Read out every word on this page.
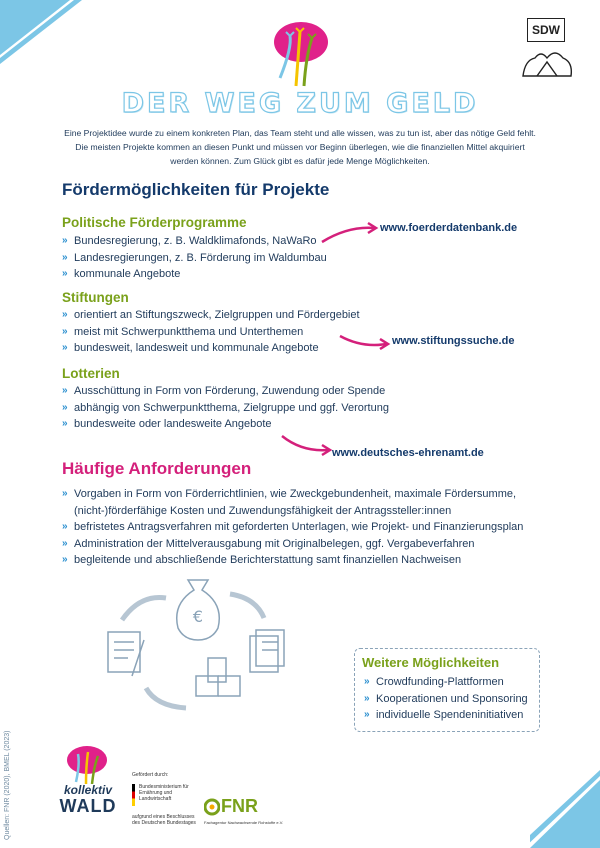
SDW
DER WEG ZUM GELD
Eine Projektidee wurde zu einem konkreten Plan, das Team steht und alle wissen, was zu tun ist, aber das nötige Geld fehlt. Die meisten Projekte kommen an diesen Punkt und müssen vor Beginn überlegen, wie die finanziellen Mittel akquiriert werden können. Zum Glück gibt es dafür jede Menge Möglichkeiten.
Fördermöglichkeiten für Projekte
Politische Förderprogramme
» Bundesregierung, z. B. Waldklimafonds, NaWaRo
» Landesregierungen, z. B. Förderung im Waldumbau
» kommunale Angebote
www.foerderdatenbank.de
Stiftungen
» orientiert an Stiftungszweck, Zielgruppen und Fördergebiet
» meist mit Schwerpunktthema und Unterthemen
» bundesweit, landesweit und kommunale Angebote
www.stiftungssuche.de
Lotterien
» Ausschüttung in Form von Förderung, Zuwendung oder Spende
» abhängig von Schwerpunktthema, Zielgruppe und ggf. Verortung
» bundesweite oder landesweite Angebote
www.deutsches-ehrenamt.de
Häufige Anforderungen
» Vorgaben in Form von Förderrichtlinien, wie Zweckgebundenheit, maximale Fördersumme, (nicht-)förderfähige Kosten und Zuwendungsfähigkeit der Antragssteller:innen
» befristetes Antragsverfahren mit geforderten Unterlagen, wie Projekt- und Finanzierungsplan
» Administration der Mittelverausgabung mit Originalbelegen, ggf. Vergabeverfahren
» begleitende und abschließende Berichterstattung samt finanziellen Nachweisen
€
Weitere Möglichkeiten
» Crowdfunding-Plattformen
» Kooperationen und Sponsoring
» individuelle Spendeninitiativen
Quellen: FNR (2020), BMEL (2023)	kollektiv
WALD
Gefördert durch:
Bundesministerium für Ernährung und Landwirtschaft
aufgrund eines Beschlusses des Deutschen Bundestages
FNR
Fachagentur Nachwachsende Rohstoffe e.V.
